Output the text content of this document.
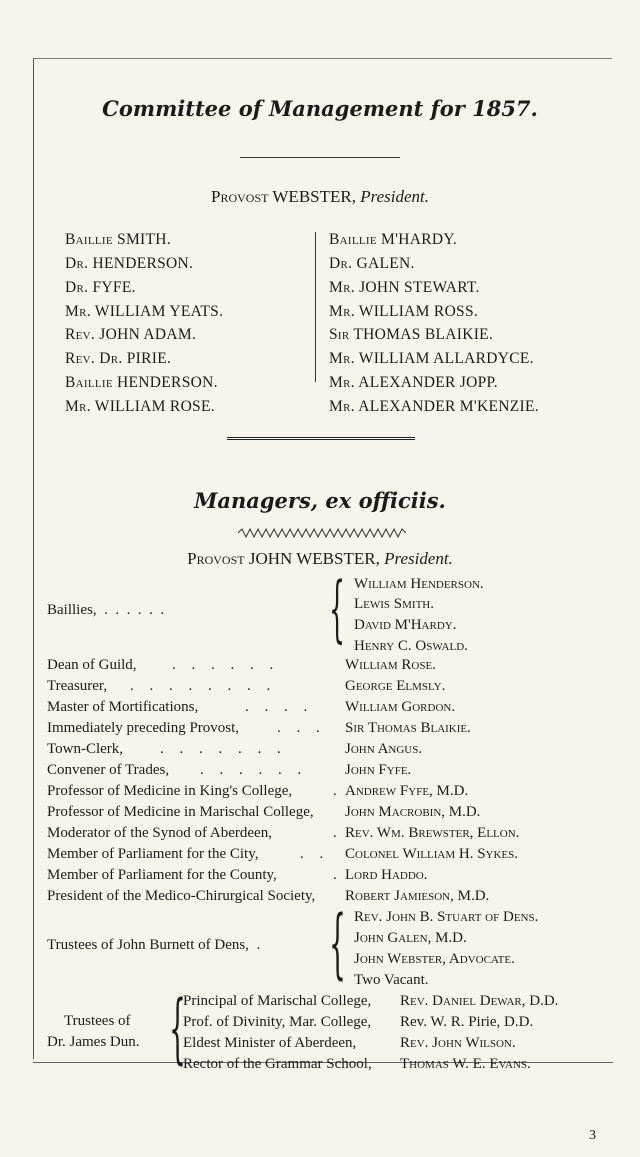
Committee of Management for 1857.
Provost WEBSTER, President.
Baillie SMITH.
Dr. HENDERSON.
Dr. FYFE.
Mr. WILLIAM YEATS.
Rev. JOHN ADAM.
Rev. Dr. PIRIE.
Baillie HENDERSON.
Mr. WILLIAM ROSE.
Baillie M'HARDY.
Dr. GALEN.
Mr. JOHN STEWART.
Mr. WILLIAM ROSS.
Sir THOMAS BLAIKIE.
Mr. WILLIAM ALLARDYCE.
Mr. ALEXANDER JOPP.
Mr. ALEXANDER M'KENZIE.
Managers, ex officiis.
Provost JOHN WEBSTER, President.
Baillies,  .  .  .  .  .  . { William Henderson.
Lewis Smith.
David M'Hardy.
Henry C. Oswald.
Dean of Guild, . . . . . .	William Rose.
Treasurer, . . . . . . . .	George Elmsly.
Master of Mortifications,	. . . . William Gordon.
Immediately preceding Provost,	. . . Sir Thomas Blaikie.
Town-Clerk, . . . . . . .	John Angus.
Convener of Trades, . . . . . .	John Fyfe.
Professor of Medicine in King's College,	. Andrew Fyfe, M.D.
Professor of Medicine in Marischal College, John Macrobin, M.D.
Moderator of the Synod of Aberdeen,	. Rev. Wm. Brewster, Ellon.
Member of Parliament for the City,	. . Colonel William H. Sykes.
Member of Parliament for the County,	. Lord Haddo.
President of the Medico-Chirurgical Society, Robert Jamieson, M.D.
Trustees of John Burnett of Dens,  . { Rev. John B. Stuart of Dens.
John Galen, M.D.
John Webster, Advocate.
Two Vacant.
Trustees of
Dr. James Dun. {
Principal of Marischal College, Rev. Daniel Dewar, D.D.
Prof. of Divinity, Mar. College, Rev. W. R. Pirie, D.D.
Eldest Minister of Aberdeen,	Rev. John Wilson.
Rector of the Grammar School, Thomas W. E. Evans.
3
